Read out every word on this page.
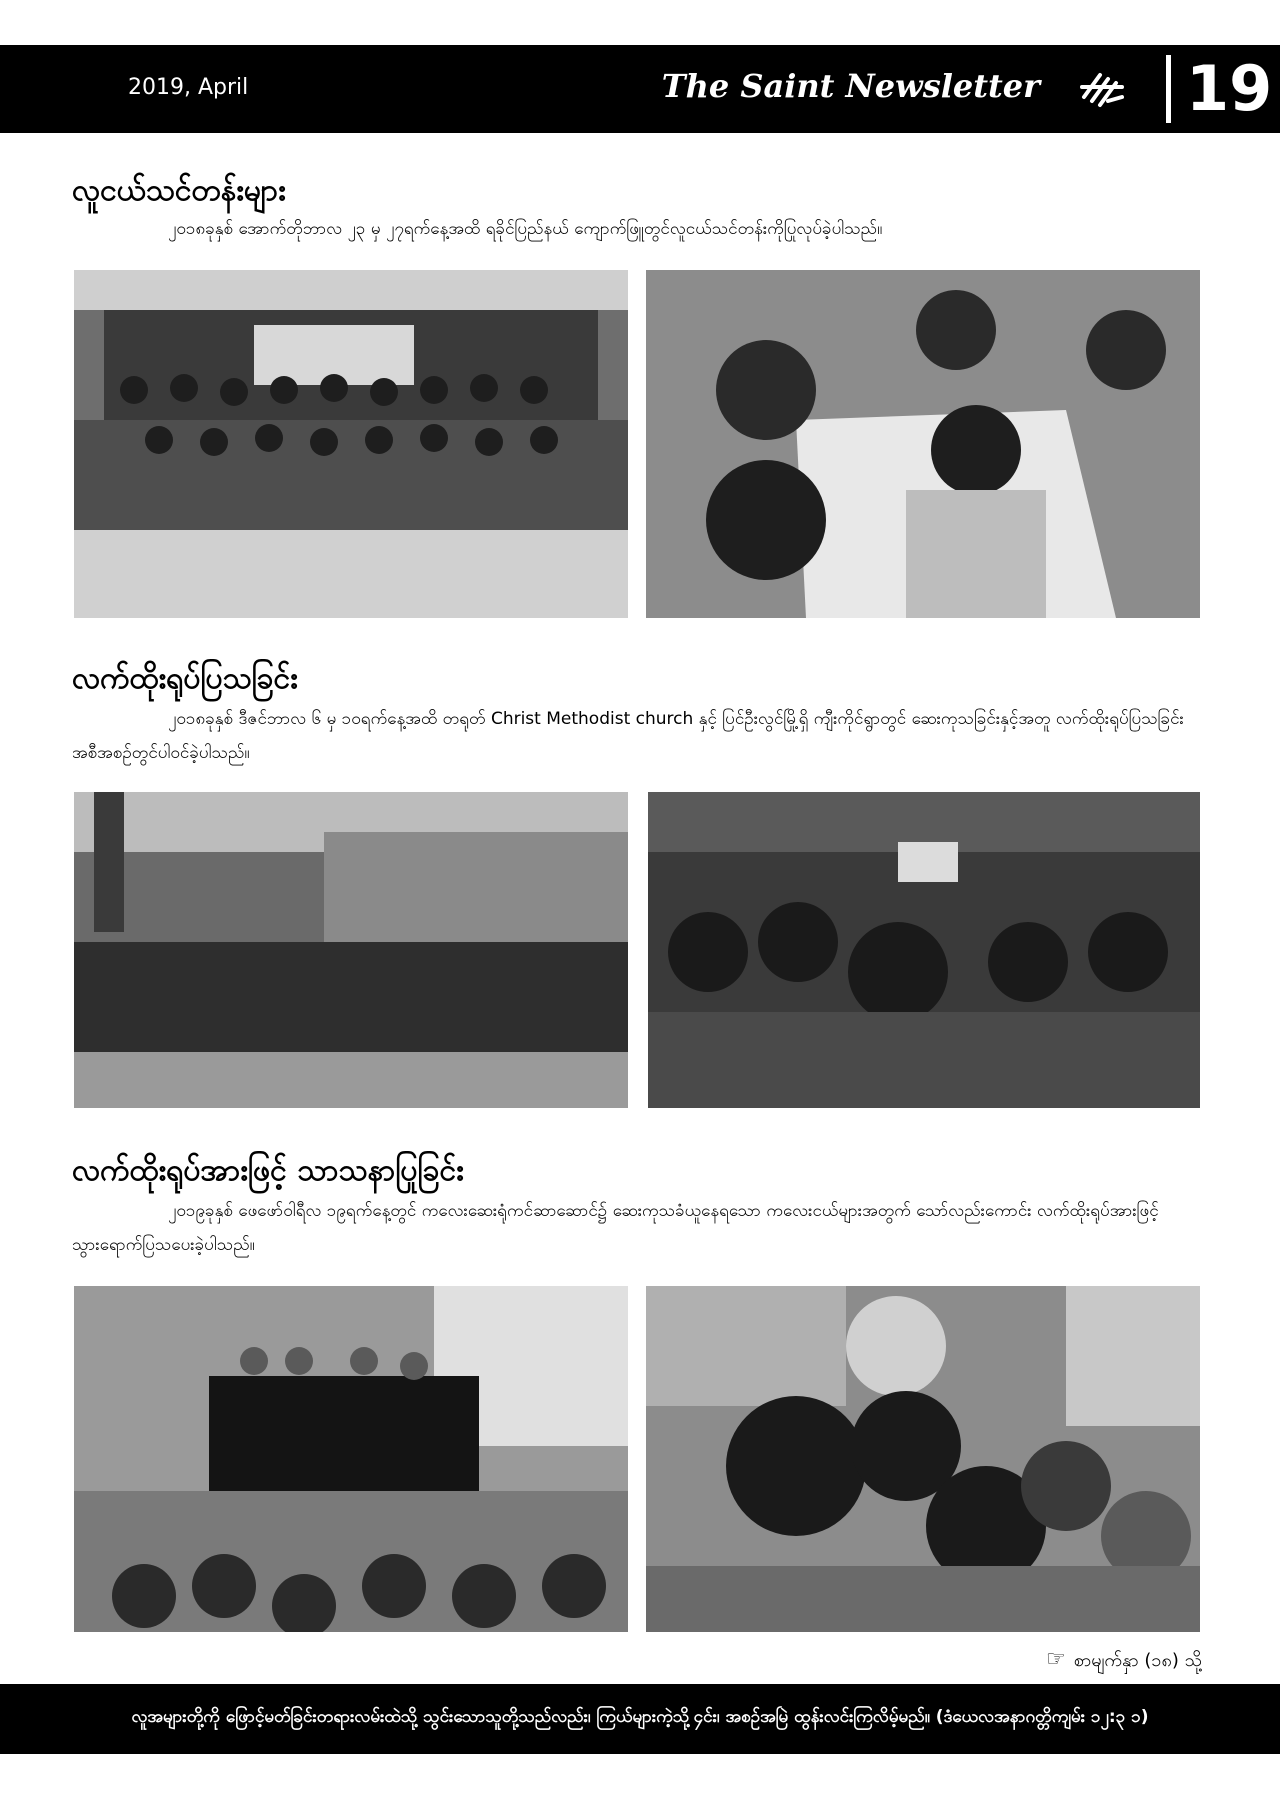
2019, April	The Saint Newsletter 19
လူငယ်သင်တန်းများ
၂၀၁၈ခုနှစ် အောက်တိုဘာလ ၂၃ မှ ၂၇ရက်နေ့အထိ ရခိုင်ပြည်နယ် ကျောက်ဖြူတွင်လူငယ်သင်တန်းကိုပြုလုပ်ခဲ့ပါသည်။
လက်ထိုးရုပ်ပြသခြင်း
၂၀၁၈ခုနှစ် ဒီဇင်ဘာလ ၆ မှ ၁၀ရက်နေ့အထိ တရုတ် Christ Methodist church နှင့် ပြင်ဦးလွင်မြို့ရှိ ကျီးကိုင်ရွာတွင် ဆေးကုသခြင်းနှင့်အတူ လက်ထိုးရုပ်ပြသခြင်းအစီအစဉ်တွင်ပါဝင်ခဲ့ပါသည်။
လက်ထိုးရုပ်အားဖြင့် သာသနာပြုခြင်း
၂၀၁၉ခုနှစ် ဖေဖော်ဝါရီလ ၁၉ရက်နေ့တွင် ကလေးဆေးရုံကင်ဆာဆောင်၌ ဆေးကုသခံယူနေရသော ကလေးငယ်များအတွက် သော်လည်းကောင်း လက်ထိုးရုပ်အားဖြင့် သွားရောက်ပြသပေးခဲ့ပါသည်။
☞ စာမျက်နှာ (၁၈) သို့
လူအများတို့ကို ဖြောင့်မတ်ခြင်းတရားလမ်းထဲသို့ သွင်းသောသူတို့သည်လည်း၊ ကြယ်များကဲ့သို့၄င်း၊ အစဉ်အမြဲ ထွန်းလင်းကြလိမ့်မည်။ (ဒံယေလအနာဂတ္တိကျမ်း ၁၂:၃ ၁)
